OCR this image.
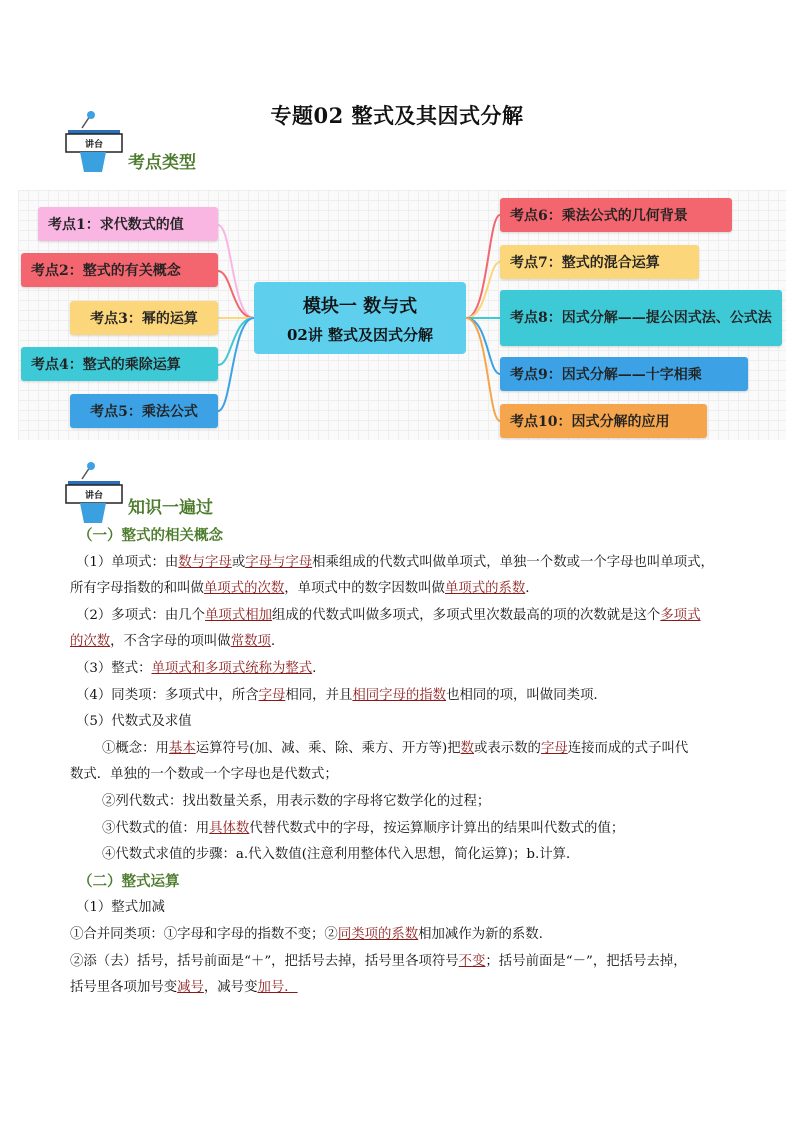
专题02 整式及其因式分解
讲台
考点类型
考点1：求代数式的值
考点2：整式的有关概念
考点3：幂的运算
考点4：整式的乘除运算
考点5：乘法公式
模块一 数与式
02讲 整式及因式分解
考点6：乘法公式的几何背景
考点7：整式的混合运算
考点8：因式分解——提公因式法、公式法
考点9：因式分解——十字相乘
考点10：因式分解的应用
讲台
知识一遍过

（一）整式的相关概念

（1）单项式：由数与字母或字母与字母相乘组成的代数式叫做单项式，单独一个数或一个字母也叫单项式，

所有字母指数的和叫做单项式的次数，单项式中的数字因数叫做单项式的系数.

（2）多项式：由几个单项式相加组成的代数式叫做多项式，多项式里次数最高的项的次数就是这个多项式

的次数，不含字母的项叫做常数项.

（3）整式：单项式和多项式统称为整式.

（4）同类项：多项式中，所含字母相同，并且相同字母的指数也相同的项，叫做同类项.

（5）代数式及求值

①概念：用基本运算符号(加、减、乘、除、乘方、开方等)把数或表示数的字母连接而成的式子叫代

数式．单独的一个数或一个字母也是代数式；

②列代数式：找出数量关系，用表示数的字母将它数学化的过程；

③代数式的值：用具体数代替代数式中的字母，按运算顺序计算出的结果叫代数式的值；

④代数式求值的步骤：a.代入数值(注意利用整体代入思想，简化运算)；b.计算．

（二）整式运算

（1）整式加减

①合并同类项：①字母和字母的指数不变；②同类项的系数相加减作为新的系数.

②添（去）括号，括号前面是“＋”，把括号去掉，括号里各项符号不变；括号前面是“－”，把括号去掉，

括号里各项加号变减号，减号变加号．
